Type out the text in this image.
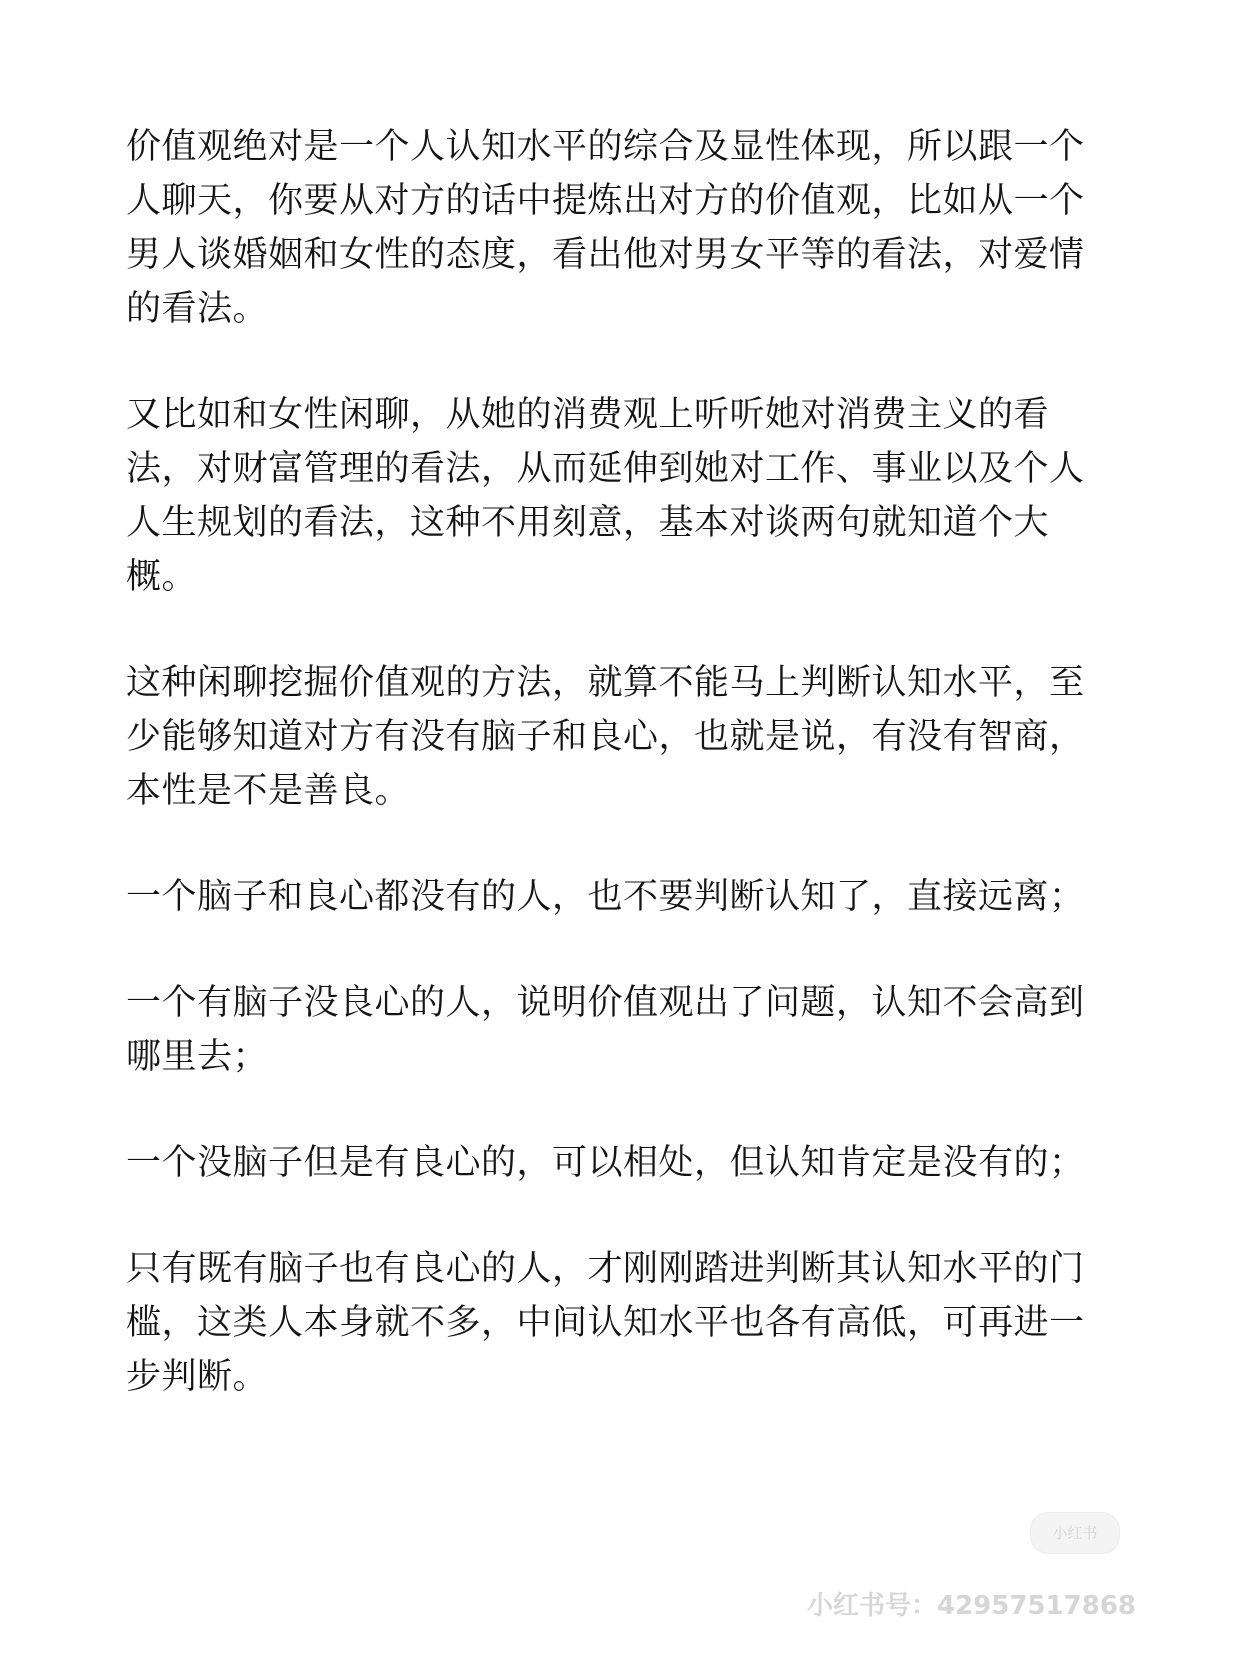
价值观绝对是一个人认知水平的综合及显性体现，所以跟一个人聊天，你要从对方的话中提炼出对方的价值观，比如从一个男人谈婚姻和女性的态度，看出他对男女平等的看法，对爱情的看法。

又比如和女性闲聊，从她的消费观上听听她对消费主义的看法，对财富管理的看法，从而延伸到她对工作、事业以及个人人生规划的看法，这种不用刻意，基本对谈两句就知道个大概。

这种闲聊挖掘价值观的方法，就算不能马上判断认知水平，至少能够知道对方有没有脑子和良心，也就是说，有没有智商，本性是不是善良。

一个脑子和良心都没有的人，也不要判断认知了，直接远离；

一个有脑子没良心的人，说明价值观出了问题，认知不会高到哪里去；

一个没脑子但是有良心的，可以相处，但认知肯定是没有的；

只有既有脑子也有良心的人，才刚刚踏进判断其认知水平的门槛，这类人本身就不多，中间认知水平也各有高低，可再进一步判断。

小红书
小红书号：42957517868
